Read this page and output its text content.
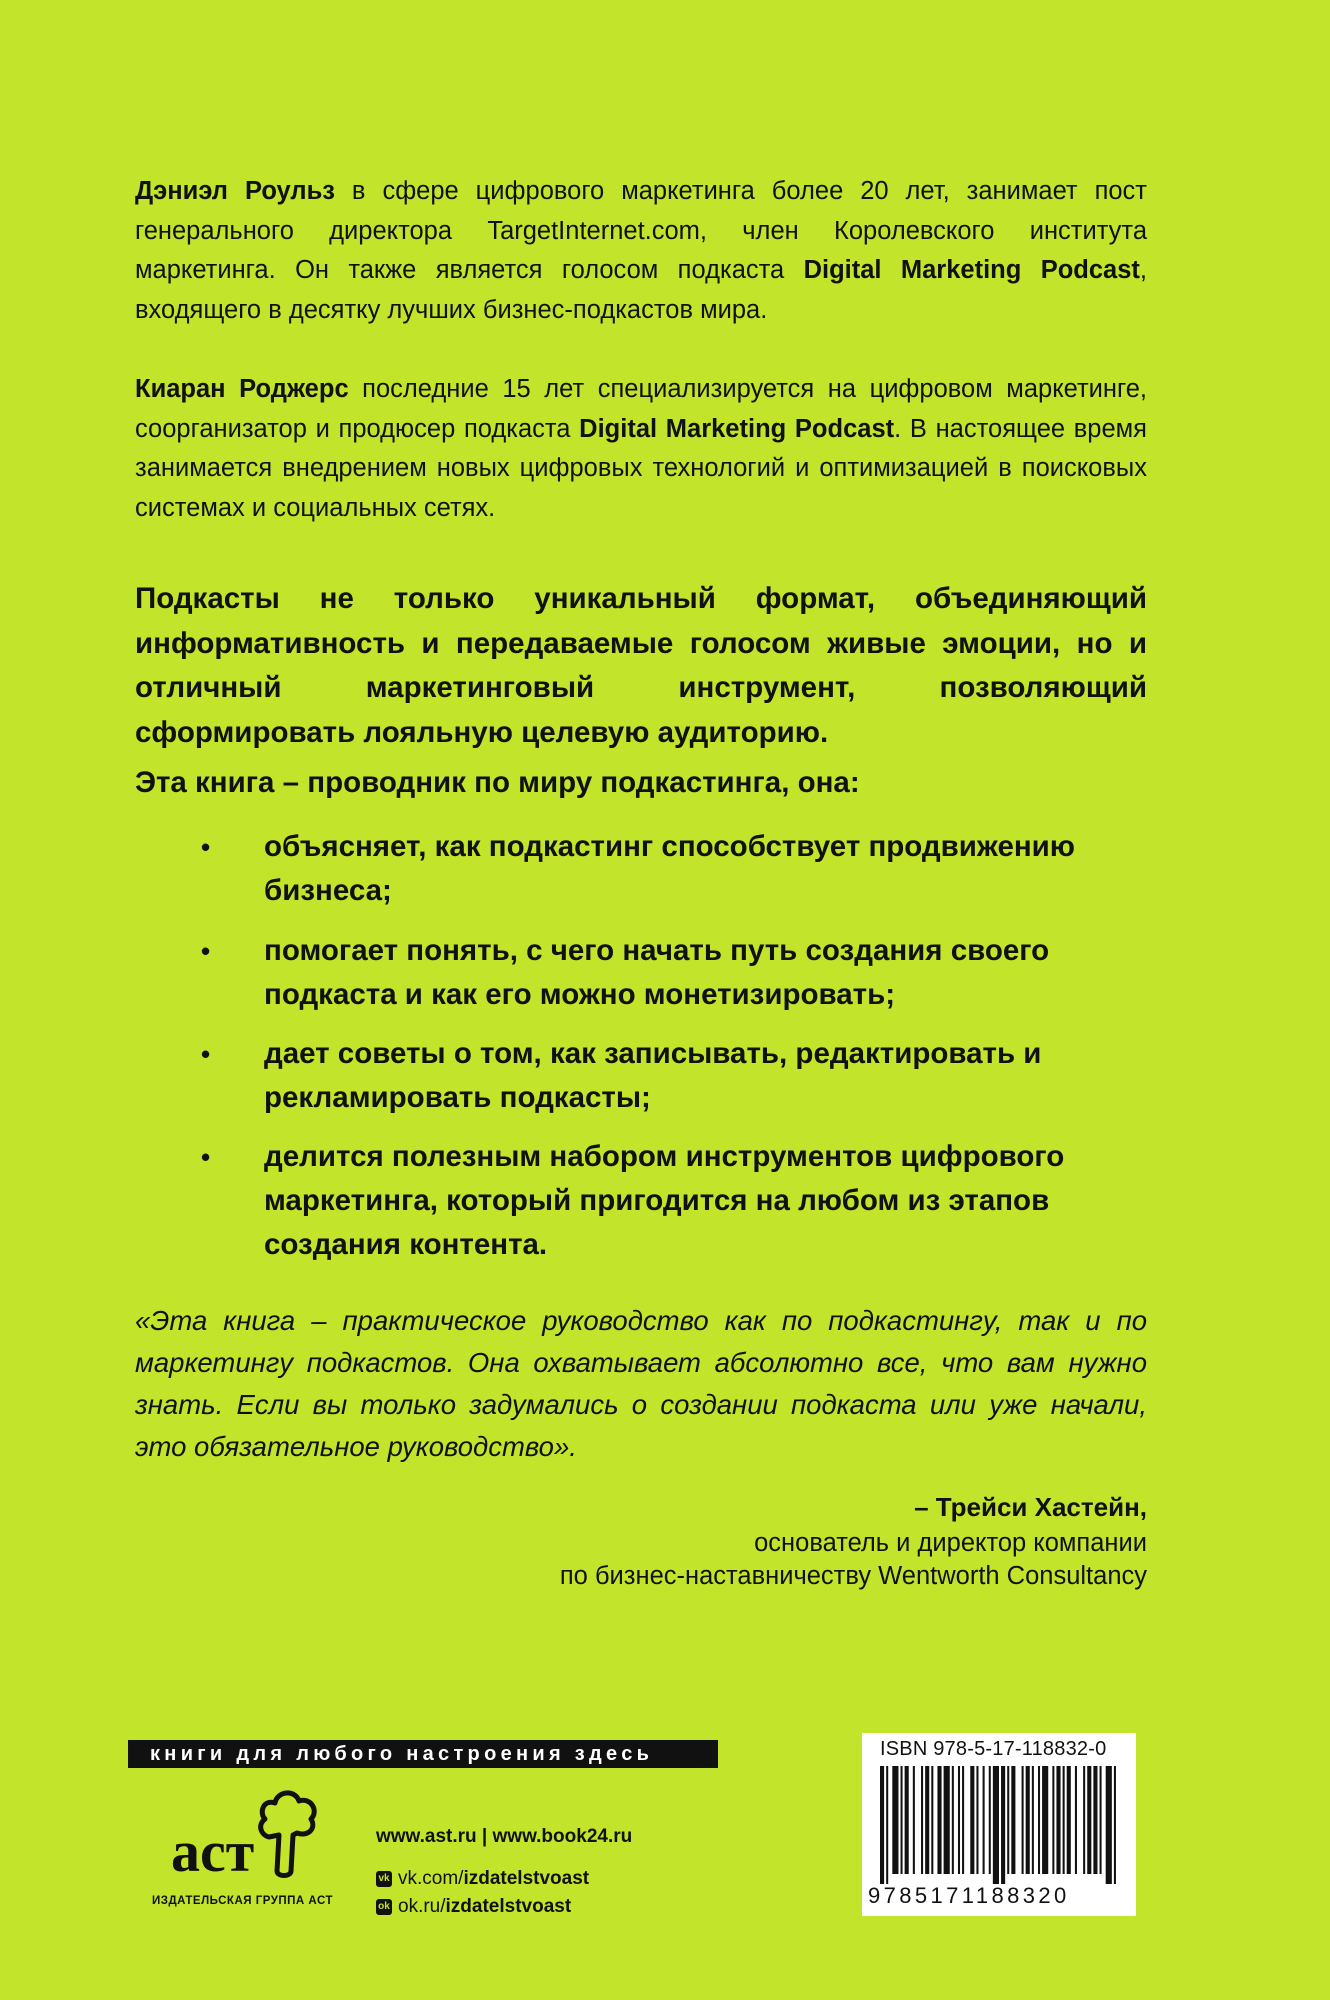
Дэниэл Роульз в сфере цифрового маркетинга более 20 лет, занимает пост генерального директора TargetInternet.com, член Королевского института маркетинга. Он также является голосом подкаста Digital Marketing Podcast, входящего в десятку лучших бизнес-подкастов мира.
Киаран Роджерс последние 15 лет специализируется на цифровом маркетинге, соорганизатор и продюсер подкаста Digital Marketing Podcast. В настоящее время занимается внедрением новых цифровых технологий и оптимизацией в поисковых системах и социальных сетях.
Подкасты не только уникальный формат, объединяющий информативность и передаваемые голосом живые эмоции, но и отличный маркетинговый инструмент, позволяющий сформировать лояльную целевую аудиторию.
Эта книга – проводник по миру подкастинга, она:
• объясняет, как подкастинг способствует продвижению бизнеса;
• помогает понять, с чего начать путь создания своего подкаста и как его можно монетизировать;
• дает советы о том, как записывать, редактировать и рекламировать подкасты;
• делится полезным набором инструментов цифрового маркетинга, который пригодится на любом из этапов создания контента.
«Эта книга – практическое руководство как по подкастингу, так и по маркетингу подкастов. Она охватывает абсолютно все, что вам нужно знать. Если вы только задумались о создании подкаста или уже начали, это обязательное руководство».
– Трейси Хастейн,
основатель и директор компании
по бизнес-наставничеству Wentworth Consultancy
книги для любого настроения здесь
аст
ИЗДАТЕЛЬСКАЯ ГРУППА АСТ
www.ast.ru | www.book24.ru
vk vk.com/ izdatelstvoast
ok ok.ru/ izdatelstvoast
ISBN 978-5-17-118832-0
9785171188320
